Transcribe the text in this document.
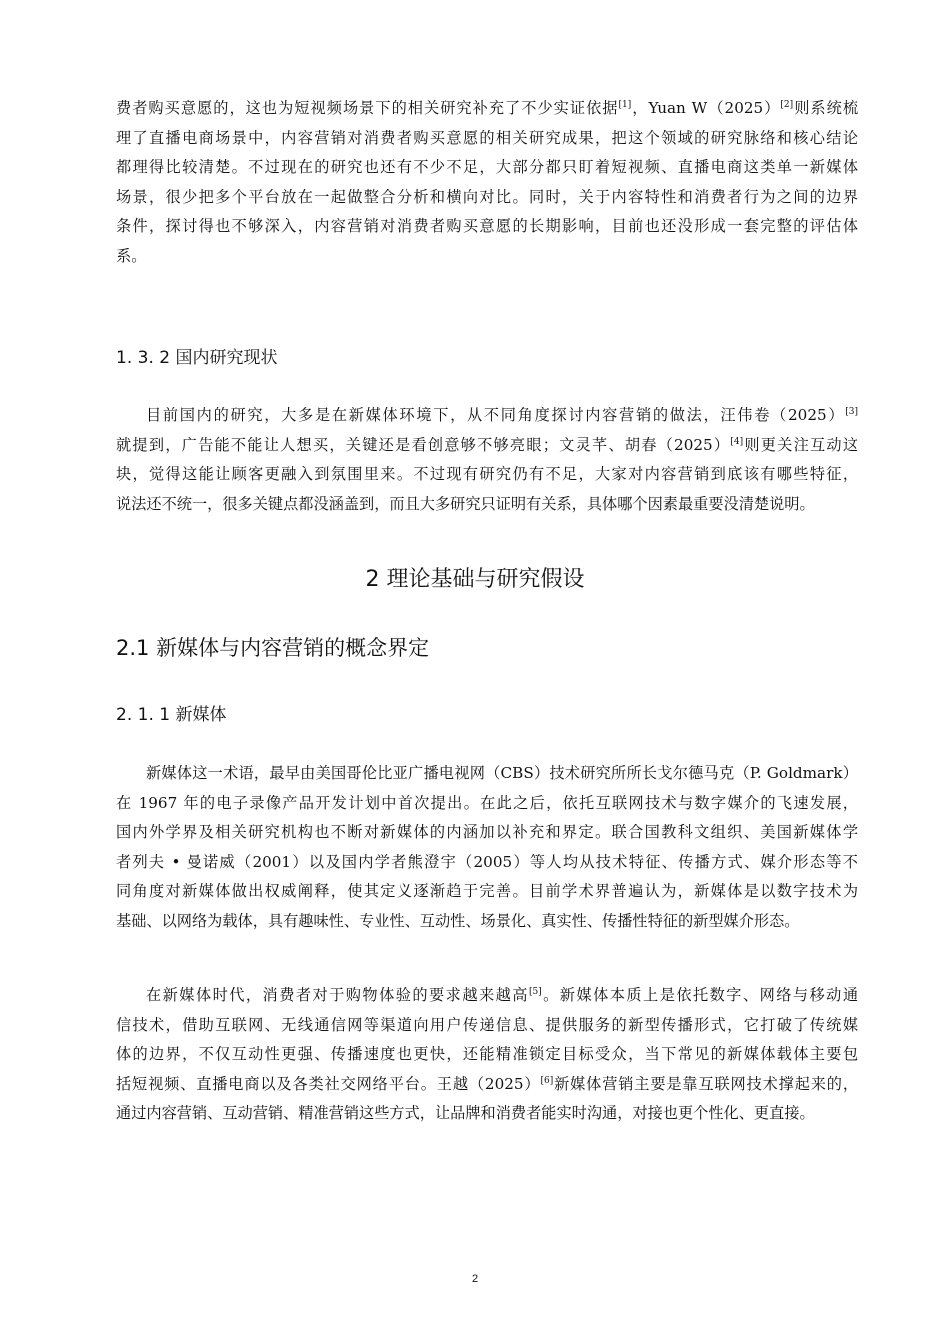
费者购买意愿的，这也为短视频场景下的相关研究补充了不少实证依据[1]，Yuan W（2025）[2]则系统梳
理了直播电商场景中，内容营销对消费者购买意愿的相关研究成果，把这个领域的研究脉络和核心结论
都理得比较清楚。不过现在的研究也还有不少不足，大部分都只盯着短视频、直播电商这类单一新媒体
场景，很少把多个平台放在一起做整合分析和横向对比。同时，关于内容特性和消费者行为之间的边界
条件，探讨得也不够深入，内容营销对消费者购买意愿的长期影响，目前也还没形成一套完整的评估体
系。

1. 3. 2 国内研究现状

目前国内的研究，大多是在新媒体环境下，从不同角度探讨内容营销的做法，汪伟卷（2025）[3]
就提到，广告能不能让人想买，关键还是看创意够不够亮眼；文灵芊、胡春（2025）[4]则更关注互动这
块，觉得这能让顾客更融入到氛围里来。不过现有研究仍有不足，大家对内容营销到底该有哪些特征，
说法还不统一，很多关键点都没涵盖到，而且大多研究只证明有关系，具体哪个因素最重要没清楚说明。

2 理论基础与研究假设
2.1 新媒体与内容营销的概念界定
2. 1. 1 新媒体

新媒体这一术语，最早由美国哥伦比亚广播电视网（CBS）技术研究所所长戈尔德马克（P. Goldmark）
在 1967 年的电子录像产品开发计划中首次提出。在此之后，依托互联网技术与数字媒介的飞速发展，
国内外学界及相关研究机构也不断对新媒体的内涵加以补充和界定。联合国教科文组织、美国新媒体学
者列夫 • 曼诺威（2001）以及国内学者熊澄宇（2005）等人均从技术特征、传播方式、媒介形态等不
同角度对新媒体做出权威阐释，使其定义逐渐趋于完善。目前学术界普遍认为，新媒体是以数字技术为
基础、以网络为载体，具有趣味性、专业性、互动性、场景化、真实性、传播性特征的新型媒介形态。

在新媒体时代，消费者对于购物体验的要求越来越高[5]。新媒体本质上是依托数字、网络与移动通
信技术，借助互联网、无线通信网等渠道向用户传递信息、提供服务的新型传播形式，它打破了传统媒
体的边界，不仅互动性更强、传播速度也更快，还能精准锁定目标受众，当下常见的新媒体载体主要包
括短视频、直播电商以及各类社交网络平台。王越（2025）[6]新媒体营销主要是靠互联网技术撑起来的，
通过内容营销、互动营销、精准营销这些方式，让品牌和消费者能实时沟通，对接也更个性化、更直接。

2
